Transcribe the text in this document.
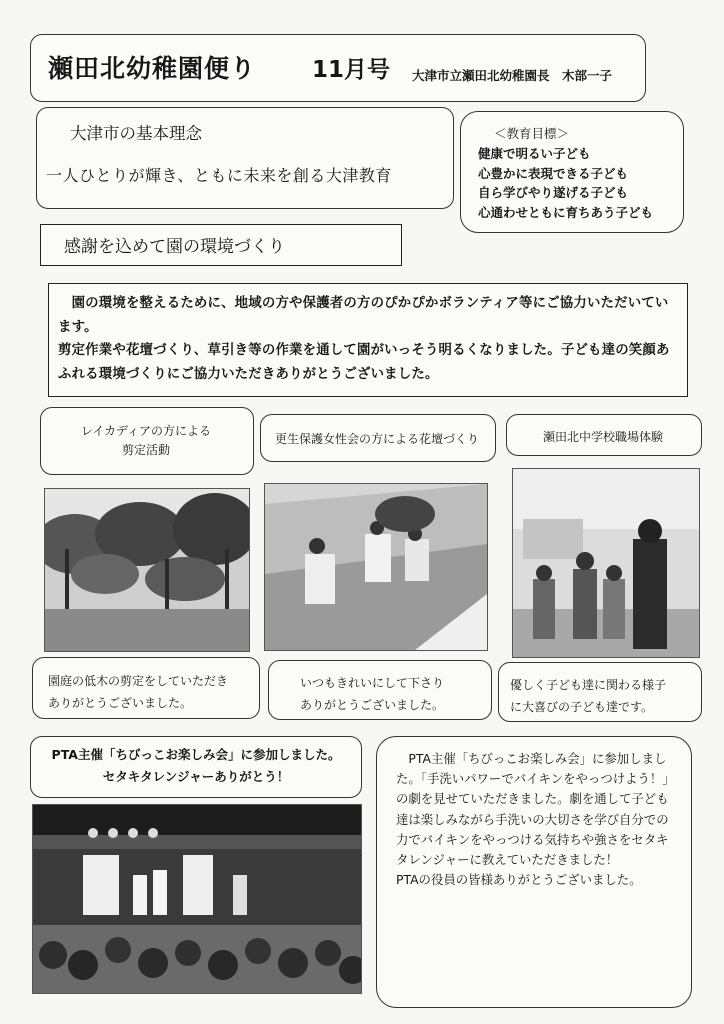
瀬田北幼稚園便り 11月号 大津市立瀬田北幼稚園長　木部一子
大津市の基本理念
一人ひとりが輝き、ともに未来を創る大津教育
＜教育目標＞
健康で明るい子ども
心豊かに表現できる子ども
自ら学びやり遂げる子ども
心通わせともに育ちあう子ども
感謝を込めて園の環境づくり

　園の環境を整えるために、地域の方や保護者の方のぴかぴかボランティア等にご協力いただいています。

剪定作業や花壇づくり、草引き等の作業を通して園がいっそう明るくなりました。子ども達の笑顔あふれる環境づくりにご協力いただきありがとうございました。

レイカディアの方による
剪定活動
更生保護女性会の方による花壇づくり	瀬田北中学校職場体験
園庭の低木の剪定をしていただき
ありがとうございました。
いつもきれいにして下さり
ありがとうございました。
優しく子ども達に関わる様子
に大喜びの子ども達です。
PTA主催「ちびっこお楽しみ会」に参加しました。
セタキタレンジャーありがとう！
　PTA主催「ちびっこお楽しみ会」に参加しました。「手洗いパワーでバイキンをやっつけよう！」の劇を見せていただきました。劇を通して子ども達は楽しみながら手洗いの大切さを学び自分での力でバイキンをやっつける気持ちや強さをセタキタレンジャーに教えていただきました！
PTAの役員の皆様ありがとうございました。
